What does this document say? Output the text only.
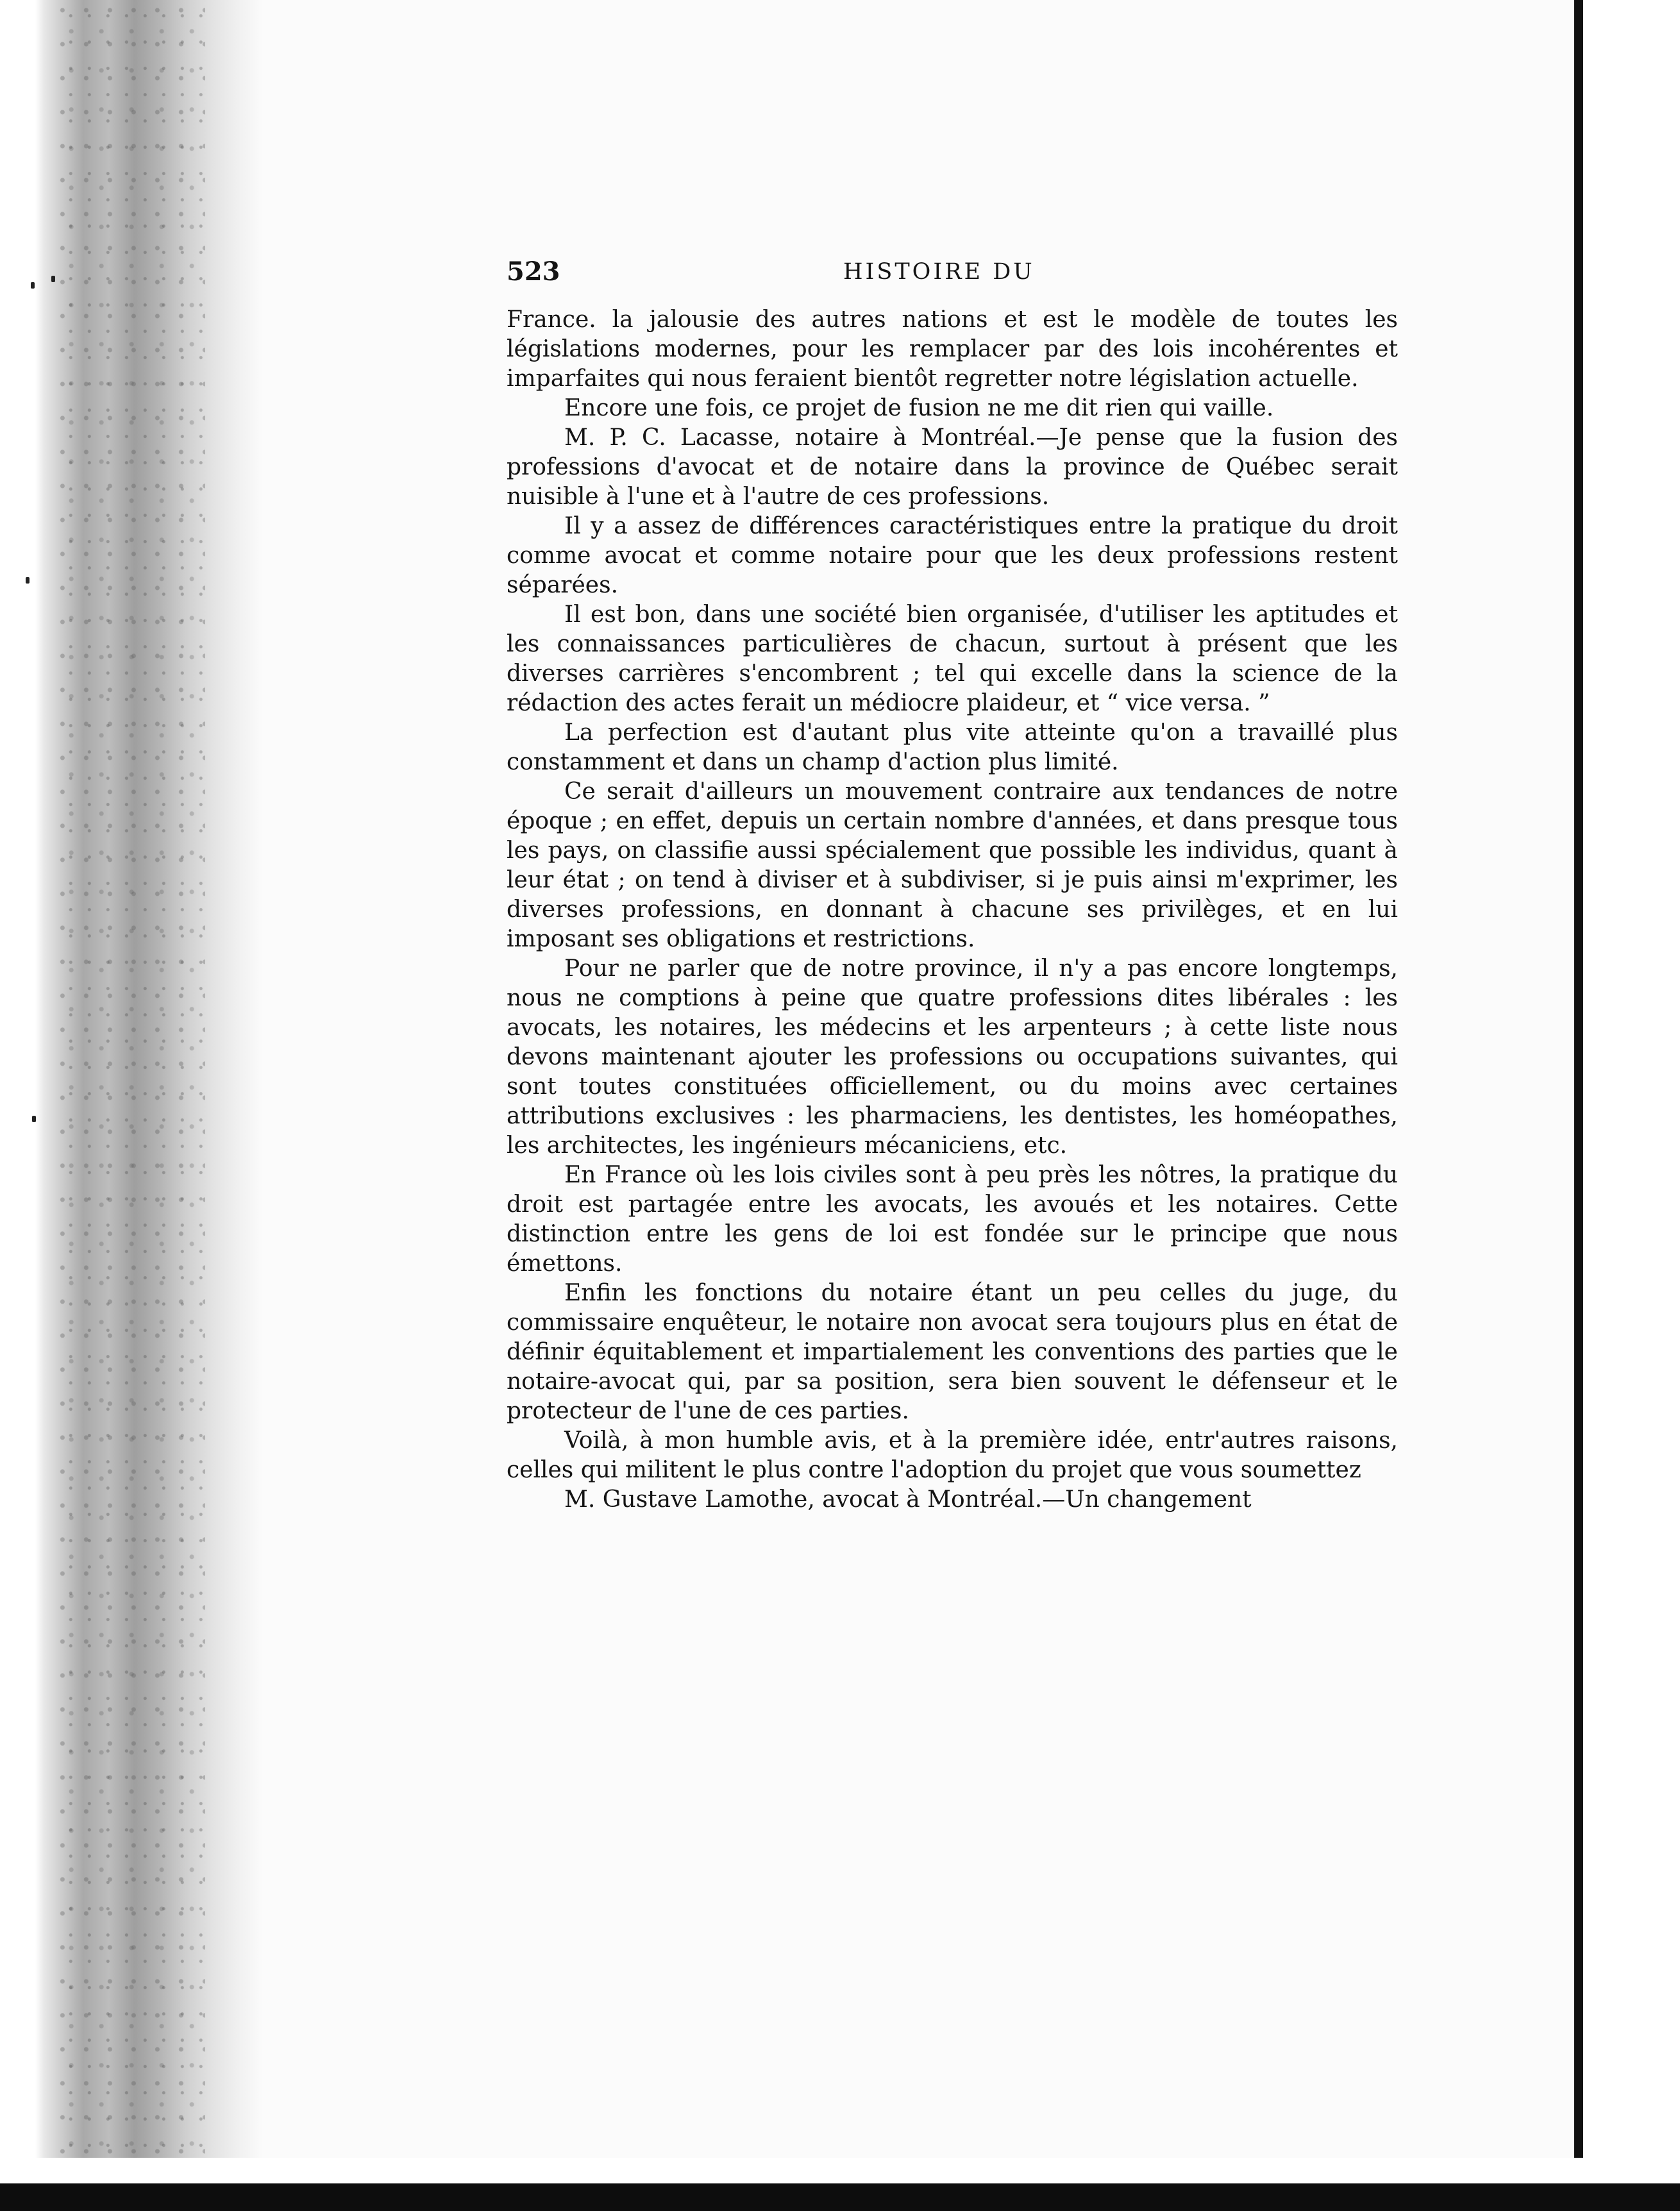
523	HISTOIRE DU

France. la jalousie des autres nations et est le modèle de toutes les législations modernes, pour les remplacer par des lois incohérentes et imparfaites qui nous feraient bientôt regretter notre législation actuelle.

Encore une fois, ce projet de fusion ne me dit rien qui vaille.

M. P. C. Lacasse, notaire à Montréal.—Je pense que la fusion des professions d'avocat et de notaire dans la province de Québec serait nuisible à l'une et à l'autre de ces professions.

Il y a assez de différences caractéristiques entre la pratique du droit comme avocat et comme notaire pour que les deux professions restent séparées.

Il est bon, dans une société bien organisée, d'utiliser les aptitudes et les connaissances particulières de chacun, surtout à présent que les diverses carrières s'encombrent ; tel qui excelle dans la science de la rédaction des actes ferait un médiocre plaideur, et “ vice versa. ”

La perfection est d'autant plus vite atteinte qu'on a travaillé plus constamment et dans un champ d'action plus limité.

Ce serait d'ailleurs un mouvement contraire aux tendances de notre époque ; en effet, depuis un certain nombre d'années, et dans presque tous les pays, on classifie aussi spécialement que possible les individus, quant à leur état ; on tend à diviser et à subdiviser, si je puis ainsi m'exprimer, les diverses professions, en donnant à chacune ses privilèges, et en lui imposant ses obligations et restrictions.

Pour ne parler que de notre province, il n'y a pas encore longtemps, nous ne comptions à peine que quatre professions dites libérales : les avocats, les notaires, les médecins et les arpenteurs ; à cette liste nous devons maintenant ajouter les professions ou occupations suivantes, qui sont toutes constituées officiellement, ou du moins avec certaines attributions exclusives : les pharmaciens, les dentistes, les homéopathes, les architectes, les ingénieurs mécaniciens, etc.

En France où les lois civiles sont à peu près les nôtres, la pratique du droit est partagée entre les avocats, les avoués et les notaires. Cette distinction entre les gens de loi est fondée sur le principe que nous émettons.

Enfin les fonctions du notaire étant un peu celles du juge, du commissaire enquêteur, le notaire non avocat sera toujours plus en état de définir équitablement et impartialement les conventions des parties que le notaire-avocat qui, par sa position, sera bien souvent le défenseur et le protecteur de l'une de ces parties.

Voilà, à mon humble avis, et à la première idée, entr'autres raisons, celles qui militent le plus contre l'adoption du projet que vous soumettez

M. Gustave Lamothe, avocat à Montréal.—Un changement
